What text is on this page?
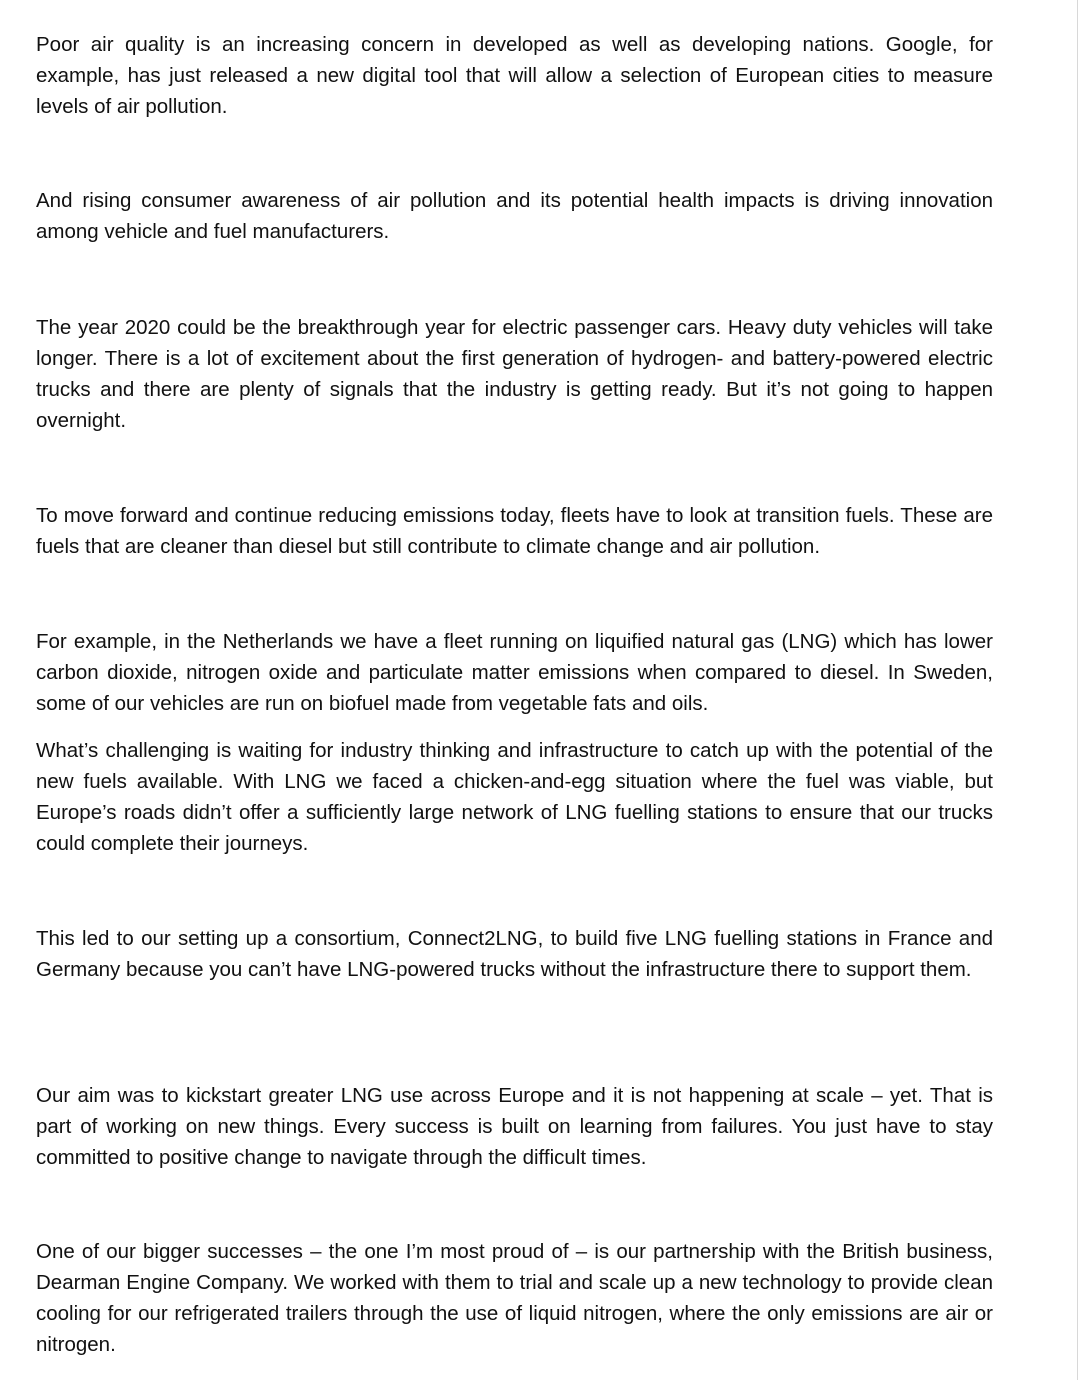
Poor air quality is an increasing concern in developed as well as developing nations. Google, for example, has just released a new digital tool that will allow a selection of European cities to measure levels of air pollution.

And rising consumer awareness of air pollution and its potential health impacts is driving innovation among vehicle and fuel manufacturers.

The year 2020 could be the breakthrough year for electric passenger cars. Heavy duty vehicles will take longer. There is a lot of excitement about the first generation of hydrogen- and battery-powered electric trucks and there are plenty of signals that the industry is getting ready. But it’s not going to happen overnight.

To move forward and continue reducing emissions today, fleets have to look at transition fuels. These are fuels that are cleaner than diesel but still contribute to climate change and air pollution.

For example, in the Netherlands we have a fleet running on liquified natural gas (LNG) which has lower carbon dioxide, nitrogen oxide and particulate matter emissions when compared to diesel. In Sweden, some of our vehicles are run on biofuel made from vegetable fats and oils.

What’s challenging is waiting for industry thinking and infrastructure to catch up with the potential of the new fuels available. With LNG we faced a chicken-and-egg situation where the fuel was viable, but Europe’s roads didn’t offer a sufficiently large network of LNG fuelling stations to ensure that our trucks could complete their journeys.

This led to our setting up a consortium, Connect2LNG, to build five LNG fuelling stations in France and Germany because you can’t have LNG-powered trucks without the infrastructure there to support them.

Our aim was to kickstart greater LNG use across Europe and it is not happening at scale – yet. That is part of working on new things. Every success is built on learning from failures. You just have to stay committed to positive change to navigate through the difficult times.

One of our bigger successes – the one I’m most proud of – is our partnership with the British business, Dearman Engine Company. We worked with them to trial and scale up a new technology to provide clean cooling for our refrigerated trailers through the use of liquid nitrogen, where the only emissions are air or nitrogen.
